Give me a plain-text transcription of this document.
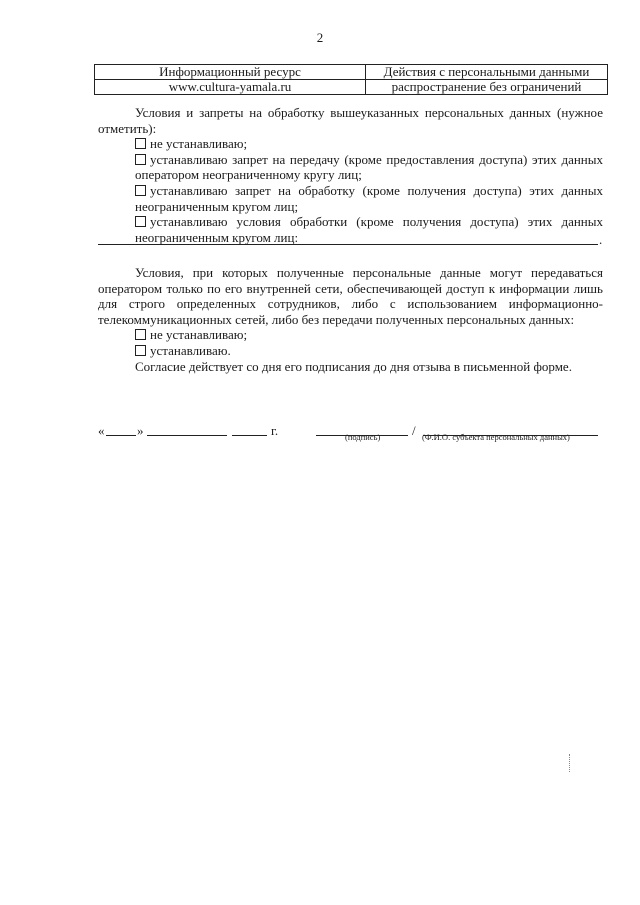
2
Информационный ресурс	Действия с персональными данными
www.cultura-yamala.ru	распространение без ограничений
Условия и запреты на обработку вышеуказанных персональных данных (нужное отметить):
не устанавливаю;
устанавливаю запрет на передачу (кроме предоставления доступа) этих данных оператором неограниченному кругу лиц;
устанавливаю запрет на обработку (кроме получения доступа) этих данных неограниченным кругом лиц;
устанавливаю условия обработки (кроме получения доступа) этих данных неограниченным кругом лиц:	.
Условия, при которых полученные персональные данные могут передаваться оператором только по его внутренней сети, обеспечивающей доступ к информации лишь для строго определенных сотрудников, либо с использованием информационно-телекоммуникационных сетей, либо без передачи полученных персональных данных:
не устанавливаю;
устанавливаю.
Согласие действует со дня его подписания до дня отзыва в письменной форме.
«	»	г.	/
(подпись)	(Ф.И.О. субъекта персональных данных)
